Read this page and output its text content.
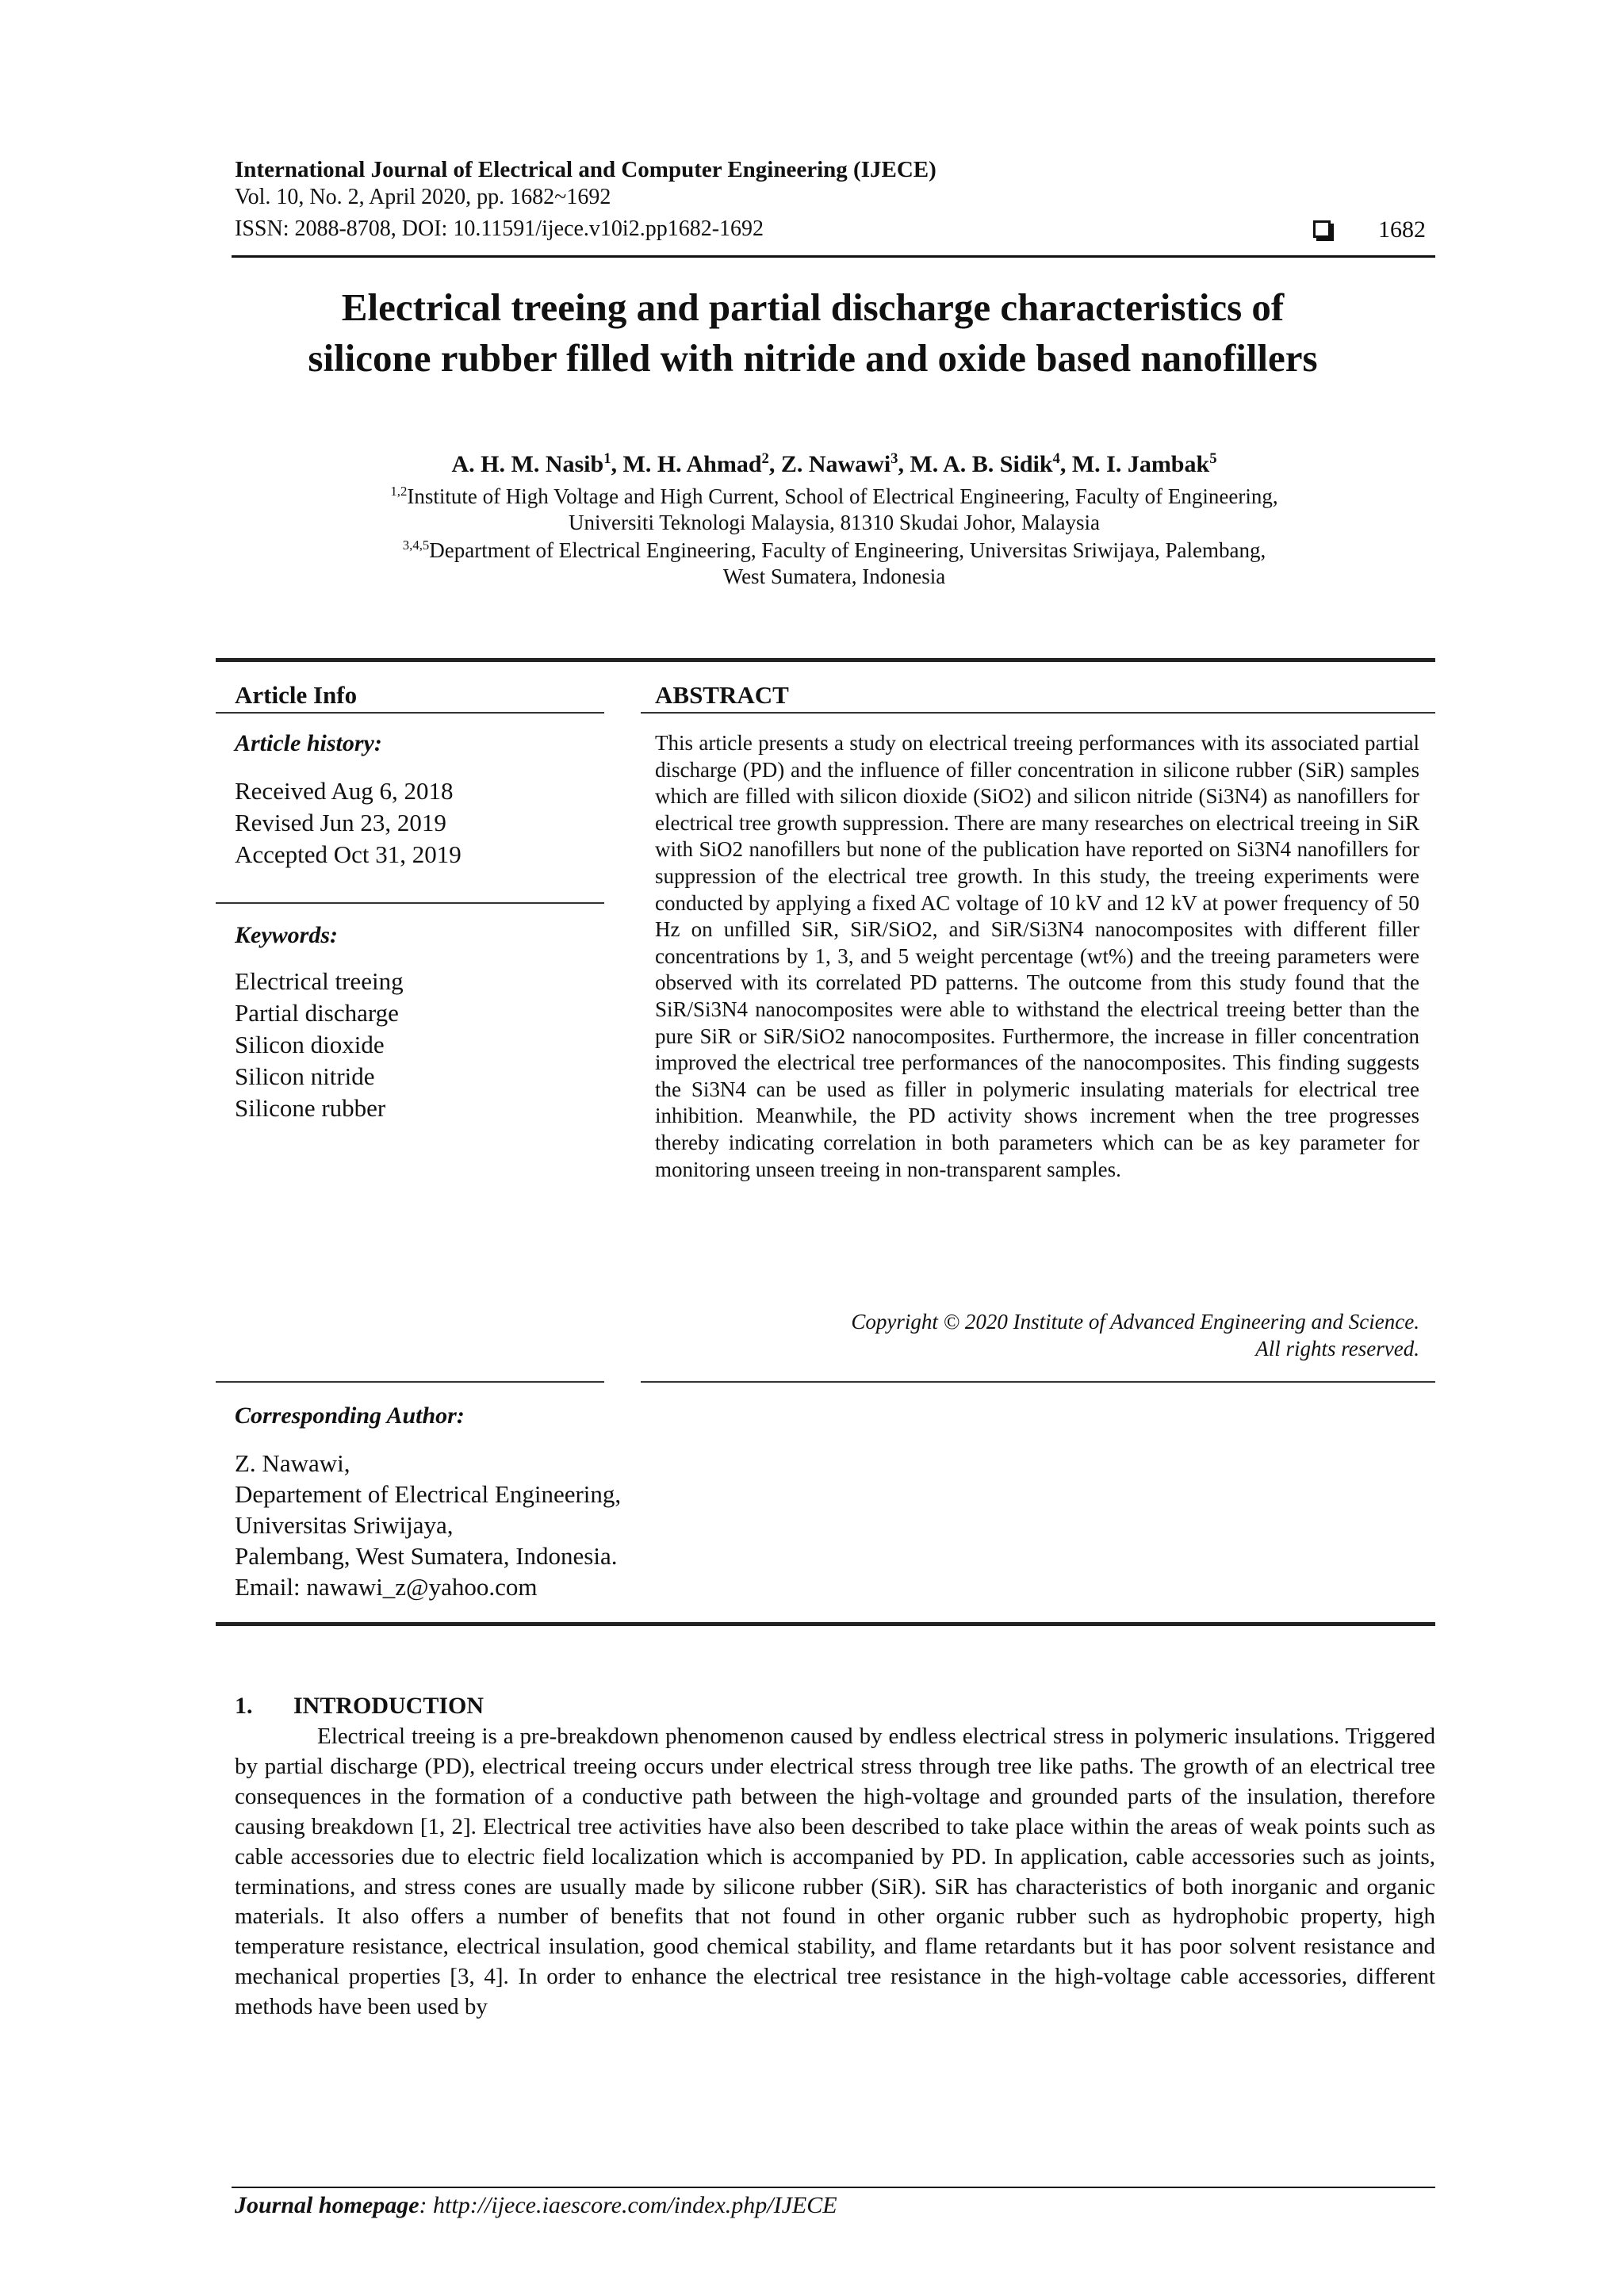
International Journal of Electrical and Computer Engineering (IJECE)
Vol. 10, No. 2, April 2020, pp. 1682~1692
ISSN: 2088-8708, DOI: 10.11591/ijece.v10i2.pp1682-1692	1682
Electrical treeing and partial discharge characteristics of
silicone rubber filled with nitride and oxide based nanofillers
A. H. M. Nasib$^1$, M. H. Ahmad$^2$, Z. Nawawi$^3$, M. A. B. Sidik$^4$, M. I. Jambak$^5$
$^{1,2}$Institute of High Voltage and High Current, School of Electrical Engineering, Faculty of Engineering,
Universiti Teknologi Malaysia, 81310 Skudai Johor, Malaysia
$^{3,4,5}$Department of Electrical Engineering, Faculty of Engineering, Universitas Sriwijaya, Palembang,
West Sumatera, Indonesia
Article Info	ABSTRACT
Article history:
Received Aug 6, 2018
Revised Jun 23, 2019
Accepted Oct 31, 2019
Keywords:
Electrical treeing
Partial discharge
Silicon dioxide
Silicon nitride
Silicone rubber
This article presents a study on electrical treeing performances with its associated partial discharge (PD) and the influence of filler concentration in silicone rubber (SiR) samples which are filled with silicon dioxide (SiO2) and silicon nitride (Si3N4) as nanofillers for electrical tree growth suppression. There are many researches on electrical treeing in SiR with SiO2 nanofillers but none of the publication have reported on Si3N4 nanofillers for suppression of the electrical tree growth. In this study, the treeing experiments were conducted by applying a fixed AC voltage of 10 kV and 12 kV at power frequency of 50 Hz on unfilled SiR, SiR/SiO2, and SiR/Si3N4 nanocomposites with different filler concentrations by 1, 3, and 5 weight percentage (wt%) and the treeing parameters were observed with its correlated PD patterns. The outcome from this study found that the SiR/Si3N4 nanocomposites were able to withstand the electrical treeing better than the pure SiR or SiR/SiO2 nanocomposites. Furthermore, the increase in filler concentration improved the electrical tree performances of the nanocomposites. This finding suggests the Si3N4 can be used as filler in polymeric insulating materials for electrical tree inhibition. Meanwhile, the PD activity shows increment when the tree progresses thereby indicating correlation in both parameters which can be as key parameter for monitoring unseen treeing in non-transparent samples.
Copyright © 2020 Institute of Advanced Engineering and Science.
All rights reserved.
Corresponding Author:
Z. Nawawi,
Departement of Electrical Engineering,
Universitas Sriwijaya,
Palembang, West Sumatera, Indonesia.
Email: nawawi_z@yahoo.com
1. INTRODUCTION
Electrical treeing is a pre-breakdown phenomenon caused by endless electrical stress in polymeric insulations. Triggered by partial discharge (PD), electrical treeing occurs under electrical stress through tree like paths. The growth of an electrical tree consequences in the formation of a conductive path between the high-voltage and grounded parts of the insulation, therefore causing breakdown [1, 2]. Electrical tree activities have also been described to take place within the areas of weak points such as cable accessories due to electric field localization which is accompanied by PD. In application, cable accessories such as joints, terminations, and stress cones are usually made by silicone rubber (SiR). SiR has characteristics of both inorganic and organic materials. It also offers a number of benefits that not found in other organic rubber such as hydrophobic property, high temperature resistance, electrical insulation, good chemical stability, and flame retardants but it has poor solvent resistance and mechanical properties [3, 4]. In order to enhance the electrical tree resistance in the high-voltage cable accessories, different methods have been used by
Journal homepage: http://ijece.iaescore.com/index.php/IJECE
